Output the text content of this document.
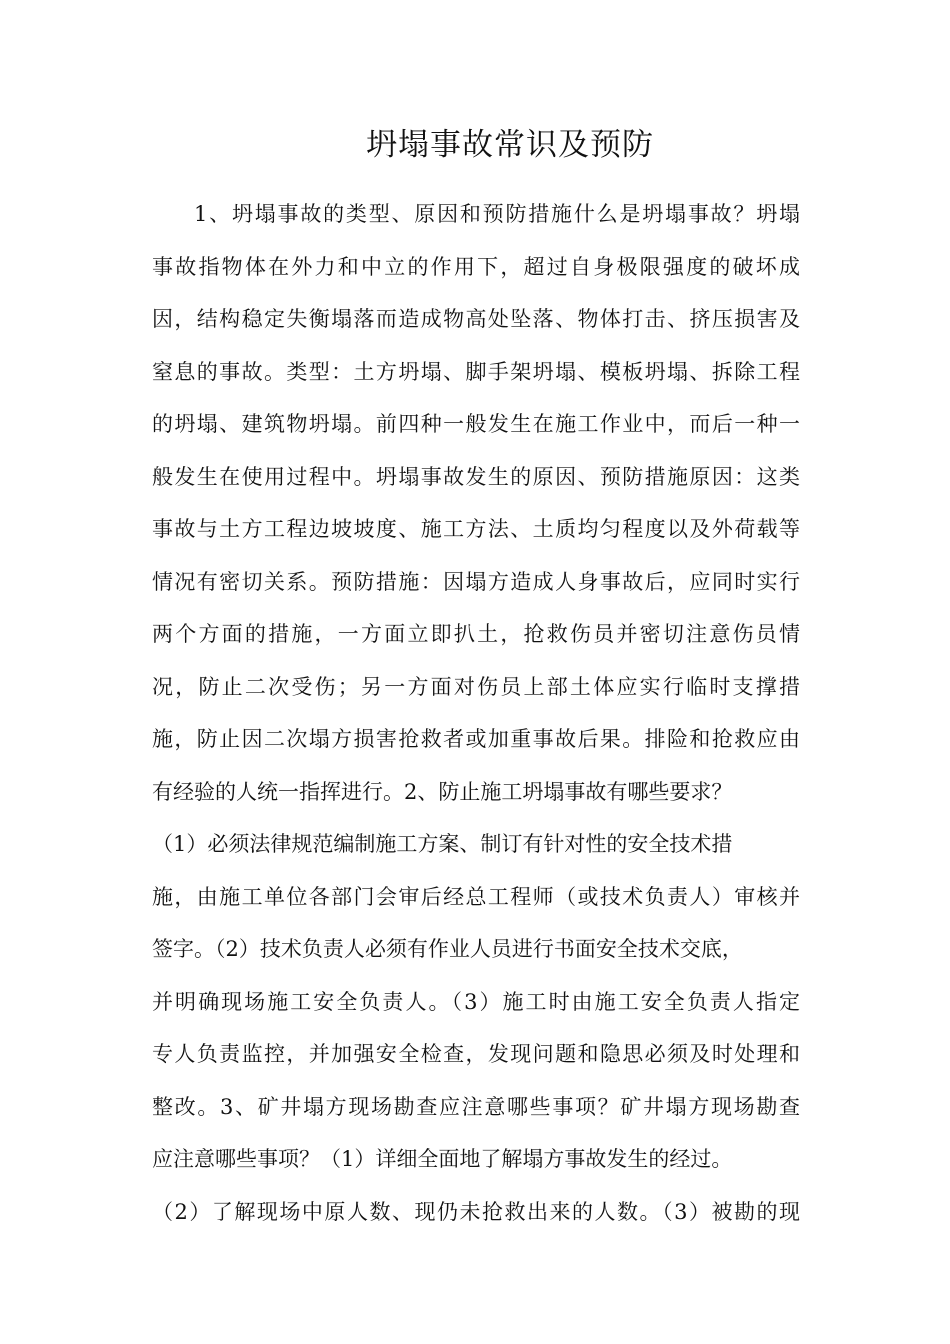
坍塌事故常识及预防
1、坍塌事故的类型、原因和预防措施什么是坍塌事故？坍塌
事故指物体在外力和中立的作用下，超过自身极限强度的破坏成
因，结构稳定失衡塌落而造成物高处坠落、物体打击、挤压损害及
窒息的事故。类型：土方坍塌、脚手架坍塌、模板坍塌、拆除工程
的坍塌、建筑物坍塌。前四种一般发生在施工作业中，而后一种一
般发生在使用过程中。坍塌事故发生的原因、预防措施原因：这类
事故与土方工程边坡坡度、施工方法、土质均匀程度以及外荷载等
情况有密切关系。预防措施：因塌方造成人身事故后，应同时实行
两个方面的措施，一方面立即扒土，抢救伤员并密切注意伤员情
况，防止二次受伤；另一方面对伤员上部土体应实行临时支撑措
施，防止因二次塌方损害抢救者或加重事故后果。排险和抢救应由
有经验的人统一指挥进行。2、防止施工坍塌事故有哪些要求？
（1）必须法律规范编制施工方案、制订有针对性的安全技术措
施，由施工单位各部门会审后经总工程师（或技术负责人）审核并
签字。（2）技术负责人必须有作业人员进行书面安全技术交底，
并明确现场施工安全负责人。（3）施工时由施工安全负责人指定
专人负责监控，并加强安全检查，发现问题和隐思必须及时处理和
整改。3、矿井塌方现场勘查应注意哪些事项？矿井塌方现场勘查
应注意哪些事项？（1）详细全面地了解塌方事故发生的经过。
（2）了解现场中原人数、现仍未抢救出来的人数。（3）被勘的现
